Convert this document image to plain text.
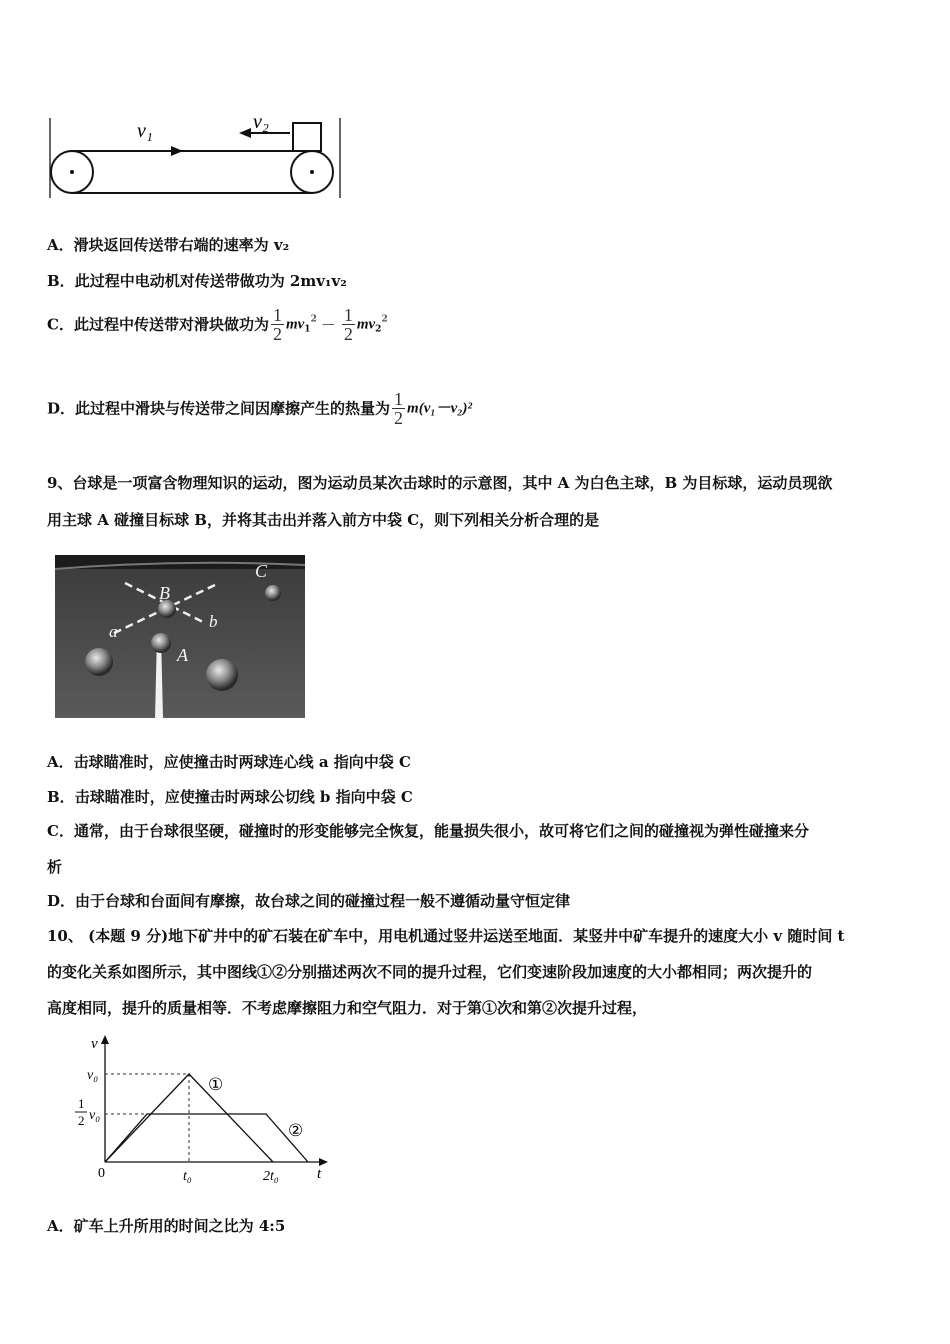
v₁	v₂
A．滑块返回传送带右端的速率为 v₂
B．此过程中电动机对传送带做功为 2mv₁v₂
C．此过程中传送带对滑块做功为 $\frac{1}{2} mv_1^2 - \frac{1}{2} mv_2^2$
D．此过程中滑块与传送带之间因摩擦产生的热量为 $\frac{1}{2} m(v_1-v_2)^2$
9、台球是一项富含物理知识的运动，图为运动员某次击球时的示意图，其中 A 为白色主球，B 为目标球，运动员现欲
用主球 A 碰撞目标球 B，并将其击出并落入前方中袋 C，则下列相关分析合理的是
B
C
a
b
A
A．击球瞄准时，应使撞击时两球连心线 a 指向中袋 C
B．击球瞄准时，应使撞击时两球公切线 b 指向中袋 C
C．通常，由于台球很坚硬，碰撞时的形变能够完全恢复，能量损失很小，故可将它们之间的碰撞视为弹性碰撞来分
析
D．由于台球和台面间有摩擦，故台球之间的碰撞过程一般不遵循动量守恒定律
10、 (本题 9 分)地下矿井中的矿石装在矿车中，用电机通过竖井运送至地面．某竖井中矿车提升的速度大小 v 随时间 t
的变化关系如图所示，其中图线①②分别描述两次不同的提升过程，它们变速阶段加速度的大小都相同；两次提升的
高度相同，提升的质量相等．不考虑摩擦阻力和空气阻力．对于第①次和第②次提升过程，
v
t
0
v₀
1
2 v₀
t₀	2t₀
①
②
A．矿车上升所用的时间之比为 4:5
